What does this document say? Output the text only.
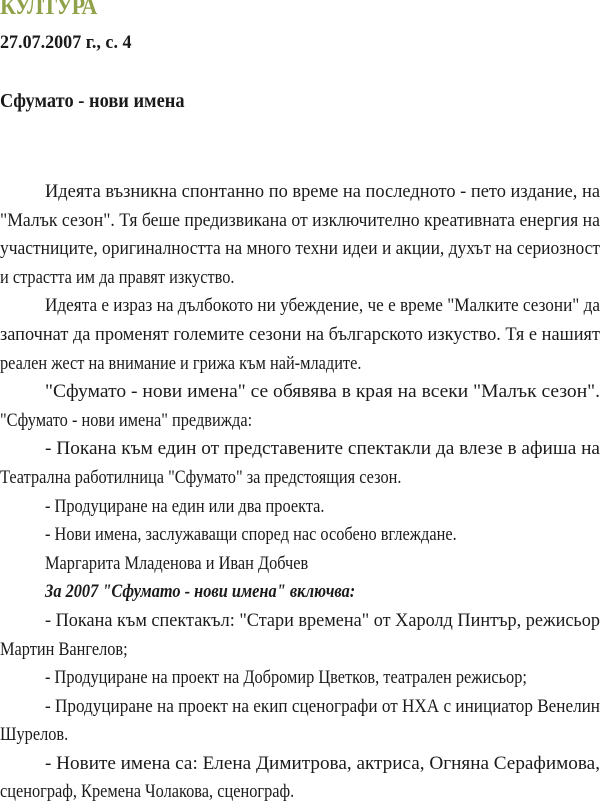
КУЛТУРА
27.07.2007 г., с. 4
Сфумато - нови имена
Идеята възникна спонтанно по време на последното - пето издание, на
"Малък сезон". Тя беше предизвикана от изключително креативната енергия на
участниците, оригиналността на много техни идеи и акции, духът на сериозност
и страстта им да правят изкуство.
Идеята е израз на дълбокото ни убеждение, че е време "Малките сезони" да
започнат да променят големите сезони на българското изкуство. Тя е нашият
реален жест на внимание и грижа към най-младите.
"Сфумато - нови имена" се обявява в края на всеки "Малък сезон".
"Сфумато - нови имена" предвижда:
- Покана към един от представените спектакли да влезе в афиша на
Театрална работилница "Сфумато" за предстоящия сезон.
- Продуциране на един или два проекта.
- Нови имена, заслужаващи според нас особено вглеждане.
Маргарита Младенова и Иван Добчев
За 2007 "Сфумато - нови имена" включва:
- Покана към спектакъл: "Стари времена" от Харолд Пинтър, режисьор
Мартин Вангелов;
- Продуциране на проект на Добромир Цветков, театрален режисьор;
- Продуциране на проект на екип сценографи от НХА с инициатор Венелин
Шурелов.
- Новите имена са: Елена Димитрова, актриса, Огняна Серафимова,
сценограф, Кремена Чолакова, сценограф.
